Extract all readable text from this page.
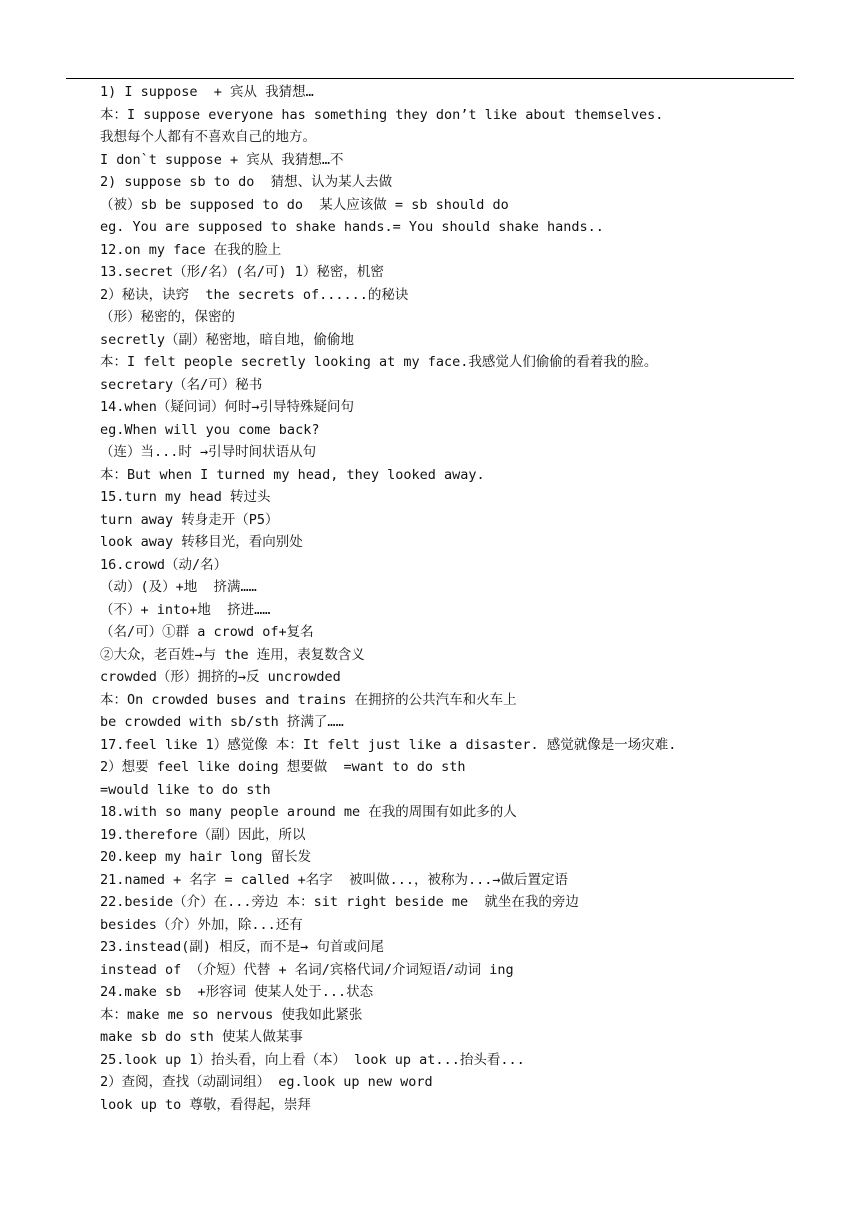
1) I suppose  + 宾从 我猜想…
本：I suppose everyone has something they don’t like about themselves.
我想每个人都有不喜欢自己的地方。
I don`t suppose + 宾从 我猜想…不
2) suppose sb to do  猜想、认为某人去做
（被）sb be supposed to do  某人应该做 = sb should do
eg. You are supposed to shake hands.= You should shake hands..
12.on my face 在我的脸上
13.secret（形/名）(名/可) 1）秘密，机密
2）秘诀，诀窍  the secrets of......的秘诀
（形）秘密的，保密的
secretly（副）秘密地，暗自地，偷偷地
本：I felt people secretly looking at my face.我感觉人们偷偷的看着我的脸。
secretary（名/可）秘书
14.when（疑问词）何时→引导特殊疑问句
eg.When will you come back?
（连）当...时 →引导时间状语从句
本：But when I turned my head, they looked away.
15.turn my head 转过头
turn away 转身走开（P5）
look away 转移目光，看向别处
16.crowd（动/名）
（动）(及）+地  挤满……
（不）+ into+地  挤进……
（名/可）①群 a crowd of+复名
②大众，老百姓→与 the 连用，表复数含义
crowded（形）拥挤的→反 uncrowded
本：On crowded buses and trains 在拥挤的公共汽车和火车上
be crowded with sb/sth 挤满了……
17.feel like 1）感觉像 本：It felt just like a disaster. 感觉就像是一场灾难.
2）想要 feel like doing 想要做  =want to do sth
=would like to do sth
18.with so many people around me 在我的周围有如此多的人
19.therefore（副）因此，所以
20.keep my hair long 留长发
21.named + 名字 = called +名字  被叫做...，被称为...→做后置定语
22.beside（介）在...旁边 本：sit right beside me  就坐在我的旁边
besides（介）外加，除...还有
23.instead(副) 相反，而不是→ 句首或问尾
instead of （介短）代替 + 名词/宾格代词/介词短语/动词 ing
24.make sb  +形容词 使某人处于...状态
本：make me so nervous 使我如此紧张
make sb do sth 使某人做某事
25.look up 1）抬头看，向上看（本） look up at...抬头看...
2）查阅，查找（动副词组） eg.look up new word
look up to 尊敬，看得起，崇拜
